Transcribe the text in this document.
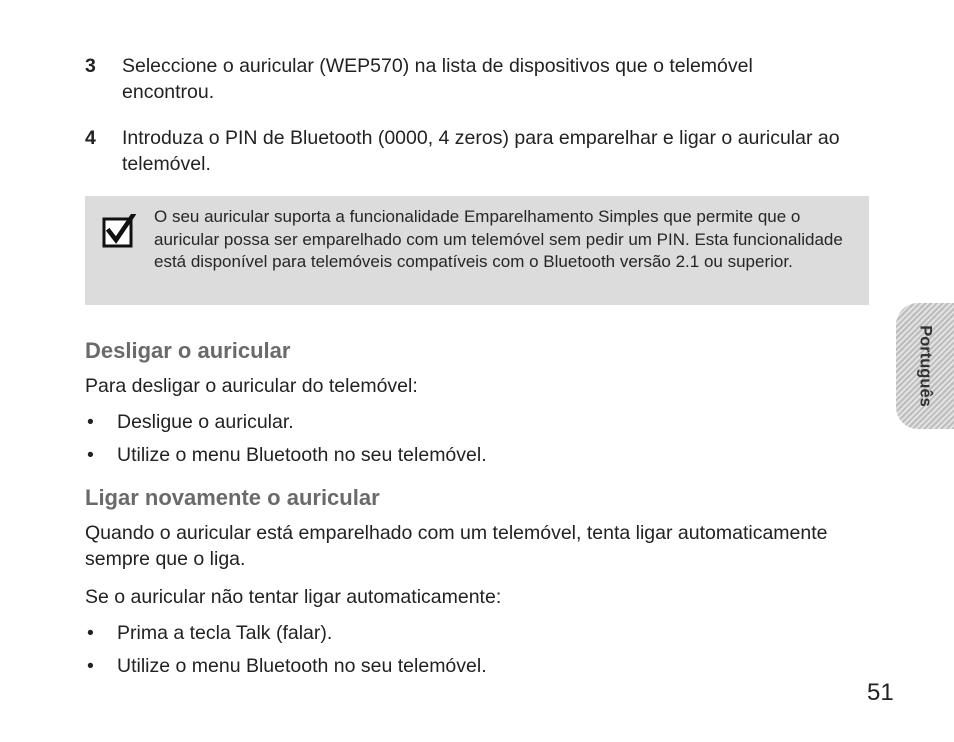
3 Seleccione o auricular (WEP570) na lista de dispositivos que o telemóvel encontrou.
4 Introduza o PIN de Bluetooth (0000, 4 zeros) para emparelhar e ligar o auricular ao telemóvel.
O seu auricular suporta a funcionalidade Emparelhamento Simples que permite que o auricular possa ser emparelhado com um telemóvel sem pedir um PIN. Esta funcionalidade está disponível para telemóveis compatíveis com o Bluetooth versão 2.1 ou superior.
Desligar o auricular
Para desligar o auricular do telemóvel:
• Desligue o auricular.
• Utilize o menu Bluetooth no seu telemóvel.
Ligar novamente o auricular
Quando o auricular está emparelhado com um telemóvel, tenta ligar automaticamente sempre que o liga.
Se o auricular não tentar ligar automaticamente:
• Prima a tecla Talk (falar).
• Utilize o menu Bluetooth no seu telemóvel.
Português
51
